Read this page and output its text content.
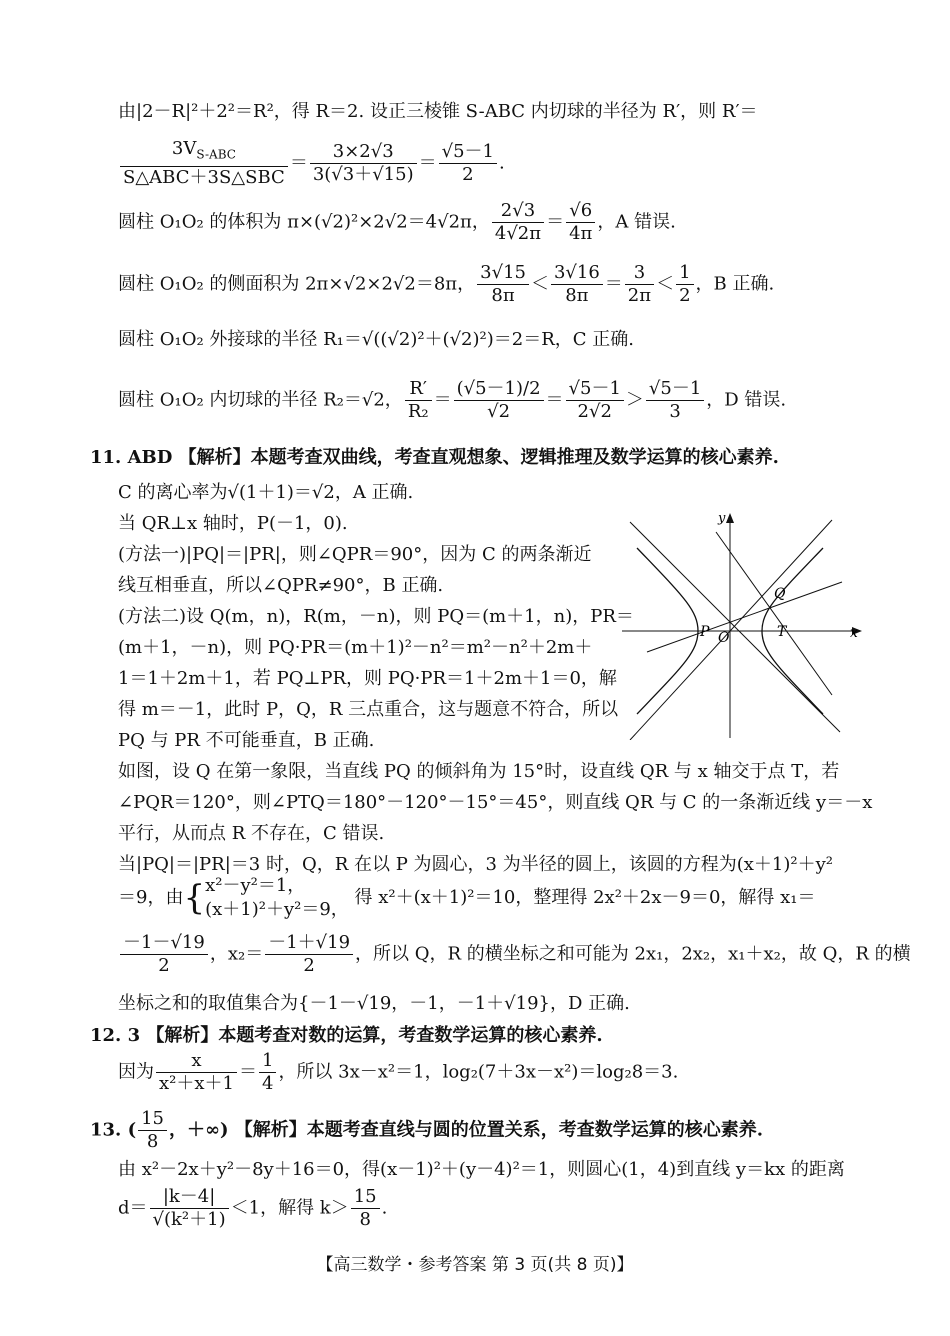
由|2－R|²＋2²＝R²，得 R＝2. 设正三棱锥 S-ABC 内切球的半径为 R′，则 R′＝
$\frac{3V_{S-ABC}}{\text{S△ABC＋3S△SBC}} = \frac{3\times 2√3}{3(√3+√15)} = \frac{√5-1}{2}$ .
圆柱 O₁O₂ 的体积为 π×(√2)²×2√2＝4√2π， $\frac{2√3}{4√2\pi} = \frac{√6}{4\pi}$ ，A 错误.
圆柱 O₁O₂ 的侧面积为 2π×√2×2√2＝8π， $\frac{3√15}{8\pi} < \frac{3√16}{8\pi} = \frac{3}{2\pi} < \frac{1}{2}$ ，B 正确.
圆柱 O₁O₂ 外接球的半径 R₁＝√((√2)²＋(√2)²)＝2＝R，C 正确.
圆柱 O₁O₂ 内切球的半径 R₂＝√2， $\frac{R'}{\text{R₂}} = \frac{(√5-1)/2}{√2} = \frac{√5-1}{2√2} > \frac{√5-1}{3}$ ，D 错误.
11. ABD 【解析】本题考查双曲线，考查直观想象、逻辑推理及数学运算的核心素养.
C 的离心率为√(1＋1)＝√2，A 正确.
当 QR⊥x 轴时，P(－1，0).
(方法一)|PQ|＝|PR|，则∠QPR＝90°，因为 C 的两条渐近
线互相垂直，所以∠QPR≠90°，B 正确.
(方法二)设 Q(m，n)，R(m，－n)，则 PQ＝(m＋1，n)，PR＝
(m＋1，－n)，则 PQ·PR＝(m＋1)²－n²＝m²－n²＋2m＋
1＝1＋2m＋1，若 PQ⊥PR，则 PQ·PR＝1＋2m＋1＝0，解
得 m＝－1，此时 P，Q，R 三点重合，这与题意不符合，所以
PQ 与 PR 不可能垂直，B 正确.
y
x
P O	T
Q
如图，设 Q 在第一象限，当直线 PQ 的倾斜角为 15°时，设直线 QR 与 x 轴交于点 T，若
∠PQR＝120°，则∠PTQ＝180°－120°－15°＝45°，则直线 QR 与 C 的一条渐近线 y＝－x
平行，从而点 R 不存在，C 错误.
当|PQ|＝|PR|＝3 时，Q，R 在以 P 为圆心，3 为半径的圆上，该圆的方程为(x＋1)²＋y²
＝9，由{ x²－y²＝1，
(x＋1)²＋y²＝9，
得 x²＋(x＋1)²＝10，整理得 2x²＋2x－9＝0，解得 x₁＝
$\frac{-1-√19}{2}$ ，$x_2= \frac{-1+√19}{2}$ ，所以 Q，R 的横坐标之和可能为 2x₁，2x₂，x₁＋x₂，故 Q，R 的横
坐标之和的取值集合为{－1－√19，－1，－1＋√19}，D 正确.
12. 3 【解析】本题考查对数的运算，考查数学运算的核心素养.
因为 $\frac{x}{\text{x²＋x＋1}} = \frac{1}{4}$ ，所以 3x－x²＝1，log₂(7＋3x－x²)＝log₂8＝3.
13. ( $\frac{15}{8}$ ，＋∞) 【解析】本题考查直线与圆的位置关系，考查数学运算的核心素养.
由 x²－2x＋y²－8y＋16＝0，得(x－1)²＋(y－4)²＝1，则圆心(1，4)到直线 y＝kx 的距离
$d= \frac{|k-4|}{\text{√(k²＋1)}} <1$，解得 $k> \frac{15}{8}$ .
【高三数学・参考答案 第 3 页(共 8 页)】
